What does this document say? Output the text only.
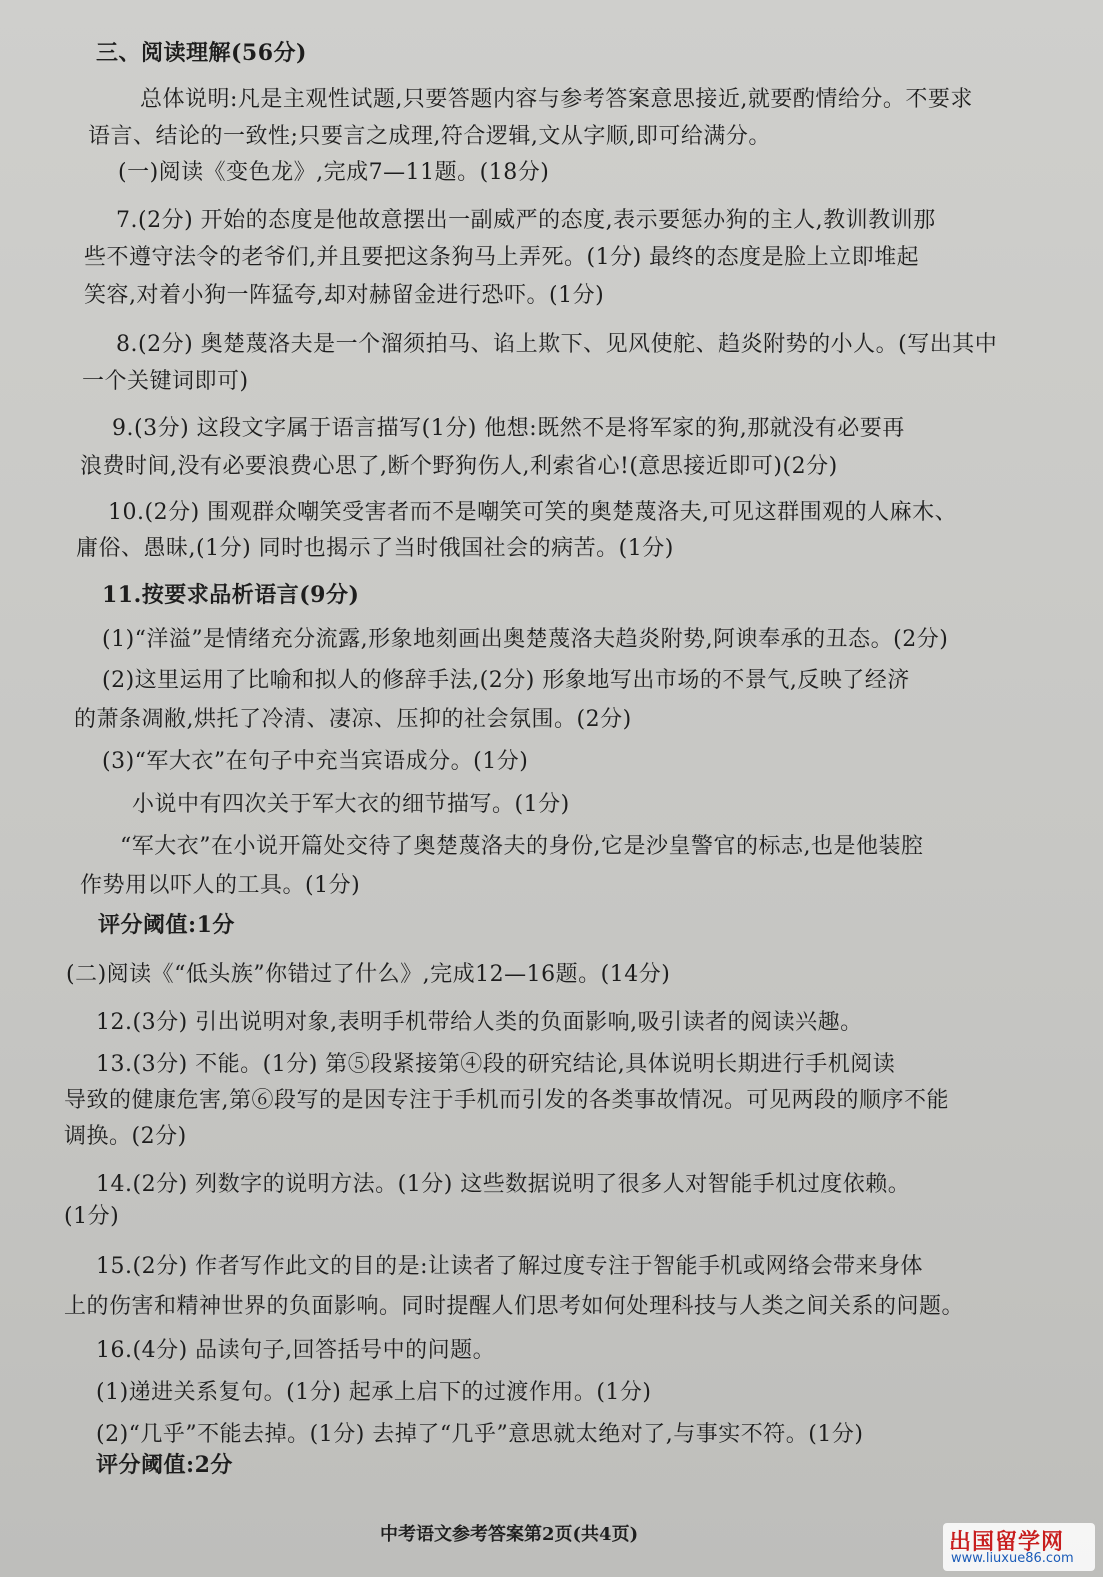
三、阅读理解(56分)
总体说明:凡是主观性试题,只要答题内容与参考答案意思接近,就要酌情给分。不要求
语言、结论的一致性;只要言之成理,符合逻辑,文从字顺,即可给满分。
(一)阅读《变色龙》,完成7—11题。(18分)
7.(2分) 开始的态度是他故意摆出一副威严的态度,表示要惩办狗的主人,教训教训那
些不遵守法令的老爷们,并且要把这条狗马上弄死。(1分) 最终的态度是脸上立即堆起
笑容,对着小狗一阵猛夸,却对赫留金进行恐吓。(1分)
8.(2分) 奥楚蔑洛夫是一个溜须拍马、谄上欺下、见风使舵、趋炎附势的小人。(写出其中
一个关键词即可)
9.(3分) 这段文字属于语言描写(1分) 他想:既然不是将军家的狗,那就没有必要再
浪费时间,没有必要浪费心思了,断个野狗伤人,利索省心!(意思接近即可)(2分)
10.(2分) 围观群众嘲笑受害者而不是嘲笑可笑的奥楚蔑洛夫,可见这群围观的人麻木、
庸俗、愚昧,(1分) 同时也揭示了当时俄国社会的病苦。(1分)
11.按要求品析语言(9分)
(1)“洋溢”是情绪充分流露,形象地刻画出奥楚蔑洛夫趋炎附势,阿谀奉承的丑态。(2分)
(2)这里运用了比喻和拟人的修辞手法,(2分) 形象地写出市场的不景气,反映了经济
的萧条凋敝,烘托了冷清、凄凉、压抑的社会氛围。(2分)
(3)“军大衣”在句子中充当宾语成分。(1分)
小说中有四次关于军大衣的细节描写。(1分)
“军大衣”在小说开篇处交待了奥楚蔑洛夫的身份,它是沙皇警官的标志,也是他装腔
作势用以吓人的工具。(1分)
评分阈值:1分
(二)阅读《“低头族”你错过了什么》,完成12—16题。(14分)
12.(3分) 引出说明对象,表明手机带给人类的负面影响,吸引读者的阅读兴趣。
13.(3分) 不能。(1分) 第⑤段紧接第④段的研究结论,具体说明长期进行手机阅读
导致的健康危害,第⑥段写的是因专注于手机而引发的各类事故情况。可见两段的顺序不能
调换。(2分)
14.(2分) 列数字的说明方法。(1分) 这些数据说明了很多人对智能手机过度依赖。
(1分)
15.(2分) 作者写作此文的目的是:让读者了解过度专注于智能手机或网络会带来身体
上的伤害和精神世界的负面影响。同时提醒人们思考如何处理科技与人类之间关系的问题。
16.(4分) 品读句子,回答括号中的问题。
(1)递进关系复句。(1分) 起承上启下的过渡作用。(1分)
(2)“几乎”不能去掉。(1分) 去掉了“几乎”意思就太绝对了,与事实不符。(1分)
评分阈值:2分
中考语文参考答案第2页(共4页)	出国留学网
www.liuxue86.com
